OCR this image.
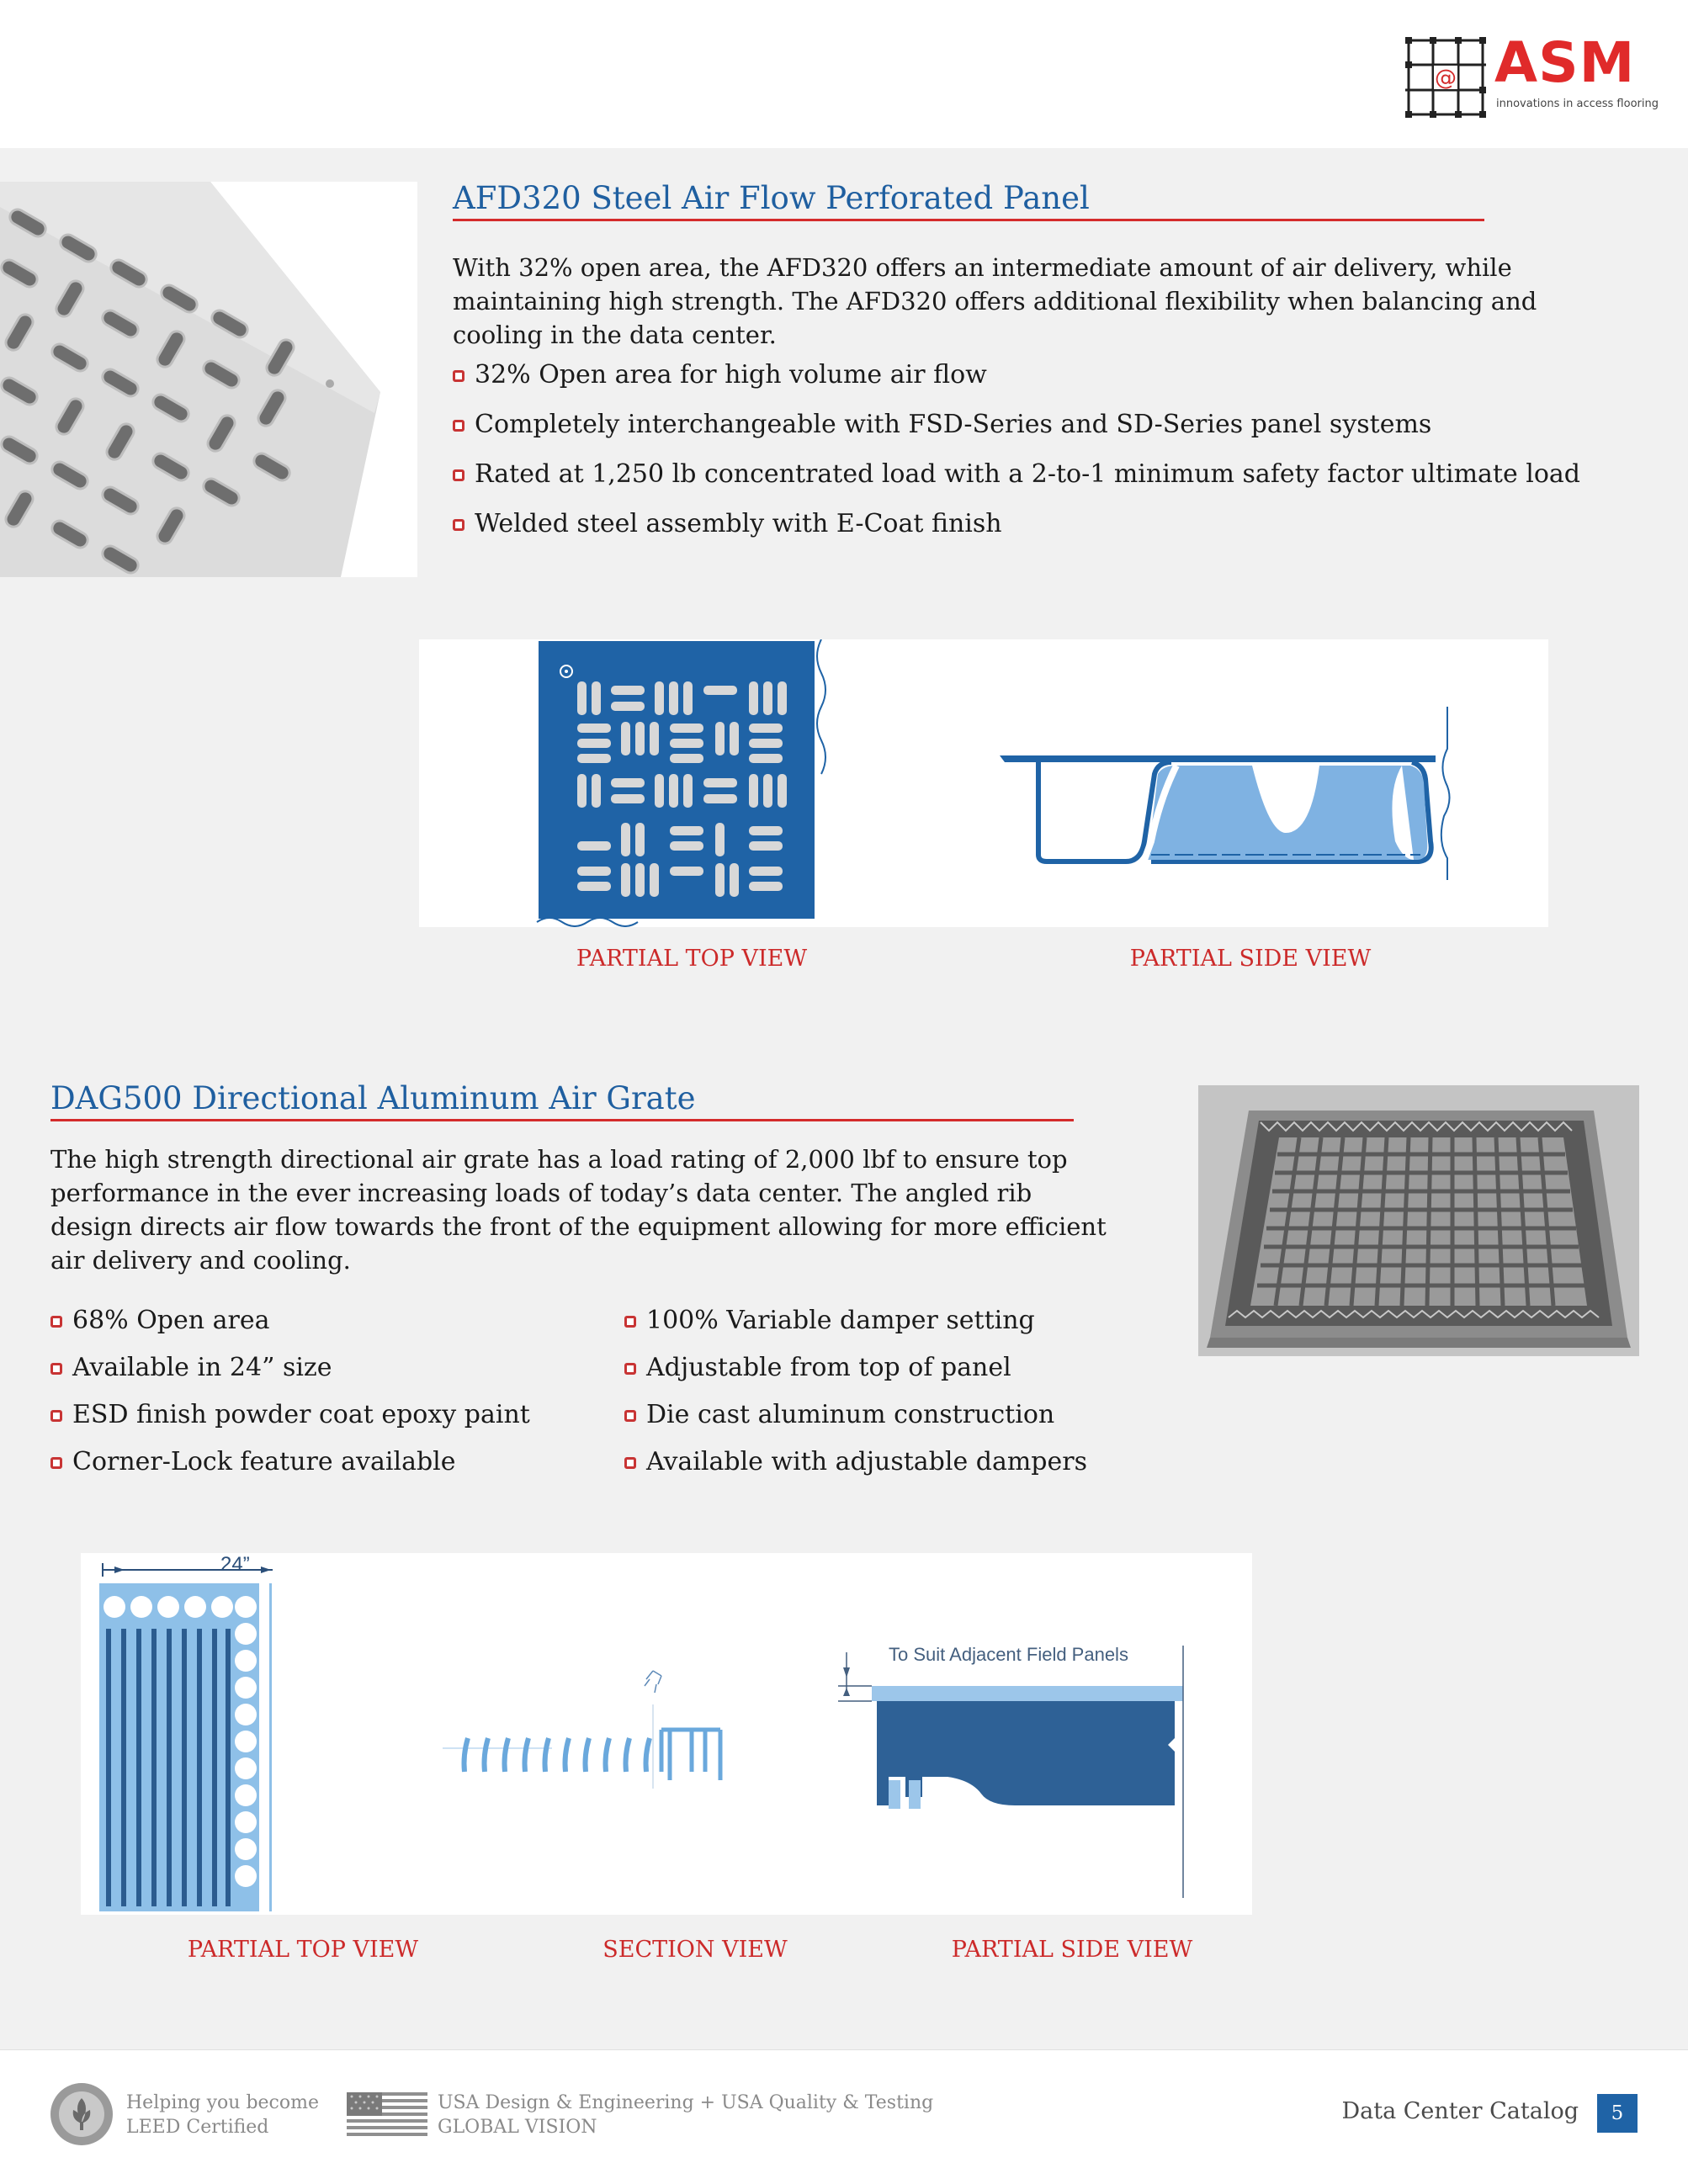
@ ASM
innovations in access flooring
AFD320 Steel Air Flow Perforated Panel
With 32% open area, the AFD320 offers an intermediate amount of air delivery, while maintaining high strength. The AFD320 offers additional flexibility when balancing and cooling in the data center.
32% Open area for high volume air flow
Completely interchangeable with FSD-Series and SD-Series panel systems
Rated at 1,250 lb concentrated load with a 2-to-1 minimum safety factor ultimate load
Welded steel assembly with E-Coat finish
PARTIAL TOP VIEW	PARTIAL SIDE VIEW
DAG500 Directional Aluminum Air Grate
The high strength directional air grate has a load rating of 2,000 lbf to ensure top performance in the ever increasing loads of today’s data center. The angled rib design directs air flow towards the front of the equipment allowing for more efficient air delivery and cooling.
68% Open area
Available in 24” size
ESD finish powder coat epoxy paint
Corner-Lock feature available
100% Variable damper setting
Adjustable from top of panel
Die cast aluminum construction
Available with adjustable dampers
To Suit Adjacent Field Panels
24”
PARTIAL TOP VIEW	SECTION VIEW	PARTIAL SIDE VIEW
Helping you become
LEED Certified
USA Design & Engineering + USA Quality & Testing
GLOBAL VISION
Data Center Catalog	5
